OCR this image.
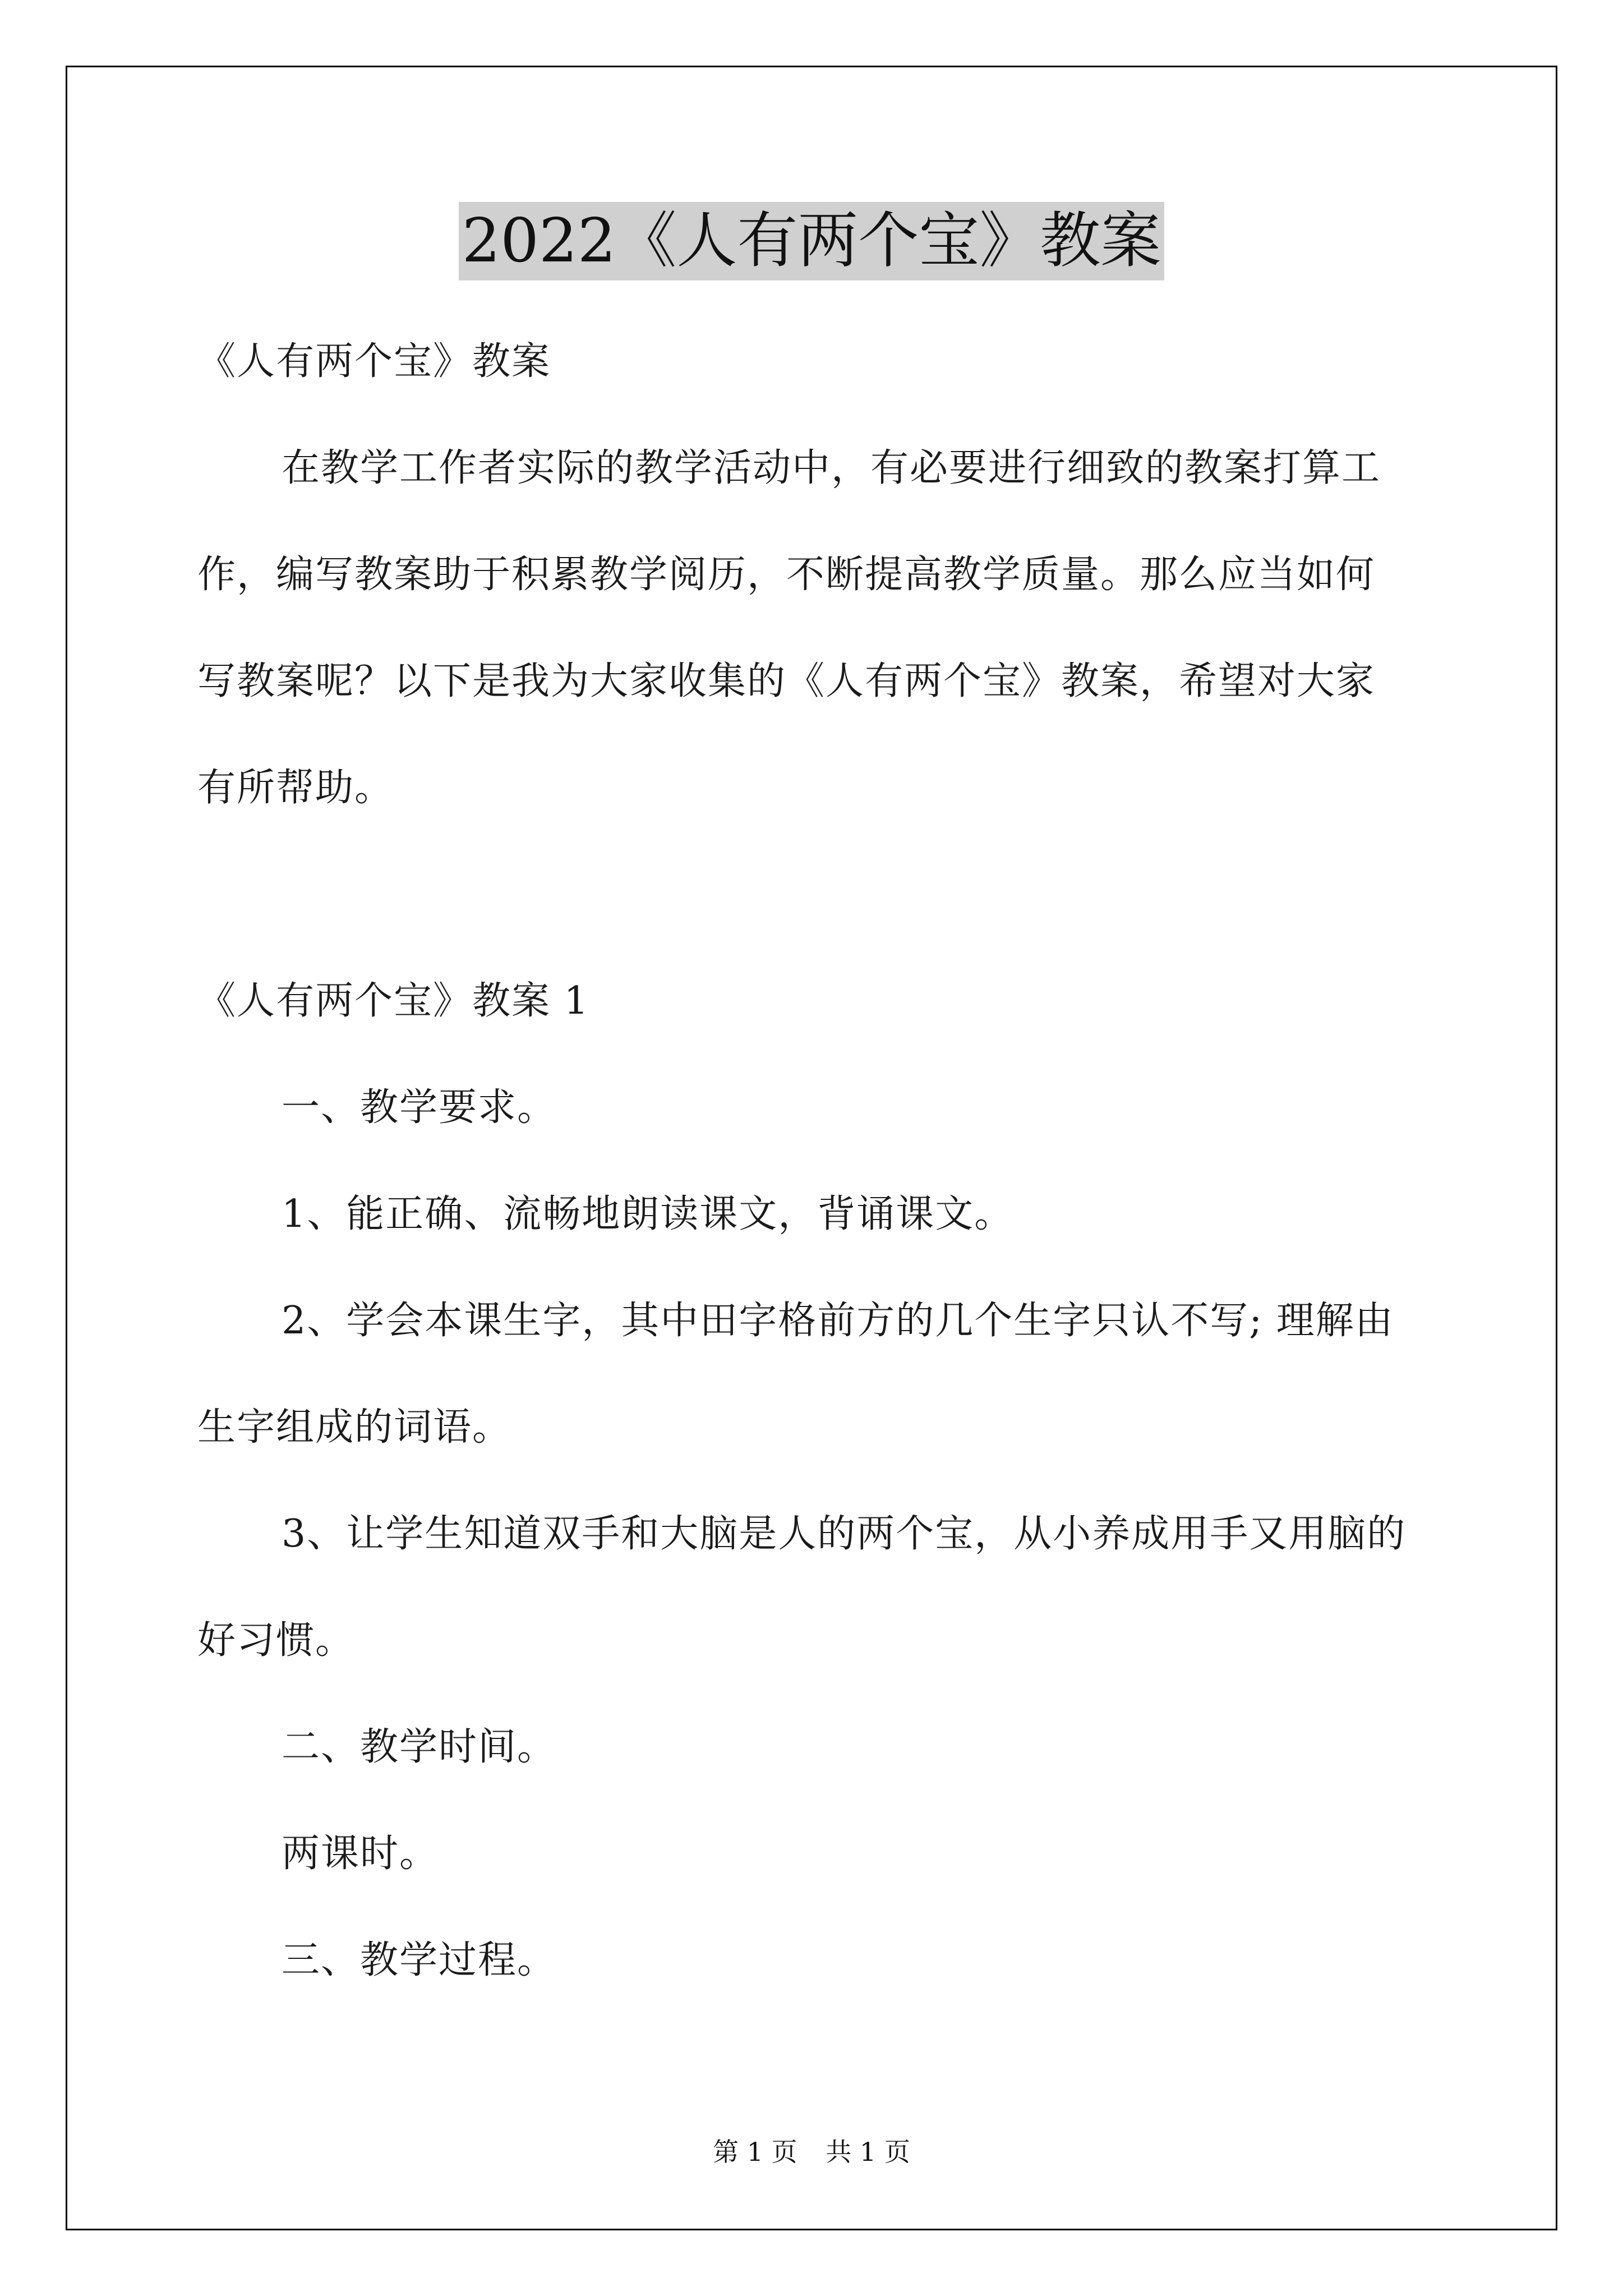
2022《人有两个宝》教案
《人有两个宝》教案
在教学工作者实际的教学活动中，有必要进行细致的教案打算工
作，编写教案助于积累教学阅历，不断提高教学质量。那么应当如何
写教案呢？以下是我为大家收集的《人有两个宝》教案，希望对大家
有所帮助。
《人有两个宝》教案 1
一、教学要求。
1、能正确、流畅地朗读课文，背诵课文。
2、学会本课生字，其中田字格前方的几个生字只认不写; 理解由
生字组成的词语。
3、让学生知道双手和大脑是人的两个宝，从小养成用手又用脑的
好习惯。
二、教学时间。
两课时。
三、教学过程。
第 1 页 共 1 页
